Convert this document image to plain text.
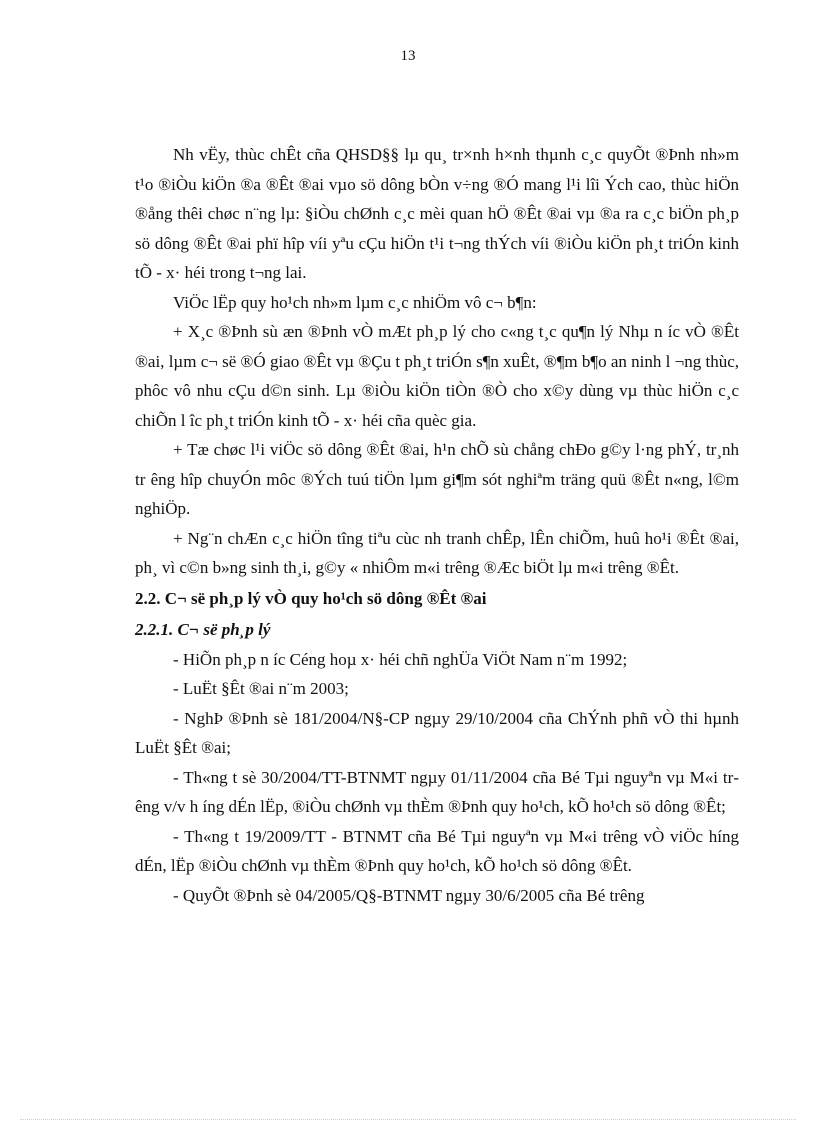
13

Nh vËy, thùc chÊt cña QHSD§§ lµ qu¸ tr×nh h×nh thµnh c¸c quyÕt ®Þnh nh»m t¹o ®iÒu kiÖn ®a ®Êt ®ai vµo sö dông bÒn v÷ng ®Ó mang l¹i lîi Ých cao, thùc hiÖn ®ång thêi chøc n¨ng lµ: §iÒu chØnh c¸c mèi quan hÖ ®Êt ®ai vµ ®a ra c¸c biÖn ph¸p sö dông ®Êt ®ai phï hîp víi yªu cÇu hiÖn t¹i t¬ng thÝch víi ®iÒu kiÖn ph¸t triÓn kinh tÕ - x· héi trong t¬ng lai.

ViÖc lËp quy ho¹ch nh»m lµm c¸c nhiÖm vô c¬ b¶n:

+ X¸c ®Þnh sù æn ®Þnh vÒ mÆt ph¸p lý cho c«ng t¸c qu¶n lý Nhµ n íc vÒ ®Êt ®ai, lµm c¬ së ®Ó giao ®Êt vµ ®Çu t ph¸t triÓn s¶n xuÊt, ®¶m b¶o an ninh l ¬ng thùc, phôc vô nhu cÇu d©n sinh. Lµ ®iÒu kiÖn tiÒn ®Ò cho x©y dùng vµ thùc hiÖn c¸c chiÕn l îc ph¸t triÓn kinh tÕ - x· héi cña quèc gia.

+ Tæ chøc l¹i viÖc sö dông ®Êt ®ai, h¹n chÕ sù chång chÐo g©y l·ng phÝ, tr¸nh tr êng hîp chuyÓn môc ®Ých tuú tiÖn lµm gi¶m sót nghiªm träng quü ®Êt n«ng, l©m nghiÖp.

+ Ng¨n chÆn c¸c hiÖn tîng tiªu cùc nh tranh chÊp, lÊn chiÕm, huû ho¹i ®Êt ®ai, ph¸ vì c©n b»ng sinh th¸i, g©y « nhiÔm m«i trêng ®Æc biÖt lµ m«i trêng ®Êt.

2.2. C¬ së ph¸p lý vÒ quy ho¹ch sö dông ®Êt ®ai
2.2.1. C¬ së ph¸p lý

- HiÕn ph¸p n íc Céng hoµ x· héi chñ nghÜa ViÖt Nam n¨m 1992;

- LuËt §Êt ®ai n¨m 2003;

- NghÞ ®Þnh sè 181/2004/N§-CP ngµy 29/10/2004 cña ChÝnh phñ vÒ thi hµnh LuËt §Êt ®ai;

- Th«ng t sè 30/2004/TT-BTNMT ngµy 01/11/2004 cña Bé Tµi nguyªn vµ M«i trêng v/v h íng dÉn lËp, ®iÒu chØnh vµ thÈm ®Þnh quy ho¹ch, kÕ ho¹ch sö dông ®Êt;

- Th«ng t 19/2009/TT - BTNMT cña Bé Tµi nguyªn vµ M«i trêng vÒ viÖc híng dÉn, lËp ®iÒu chØnh vµ thÈm ®Þnh quy ho¹ch, kÕ ho¹ch sö dông ®Êt.

- QuyÕt ®Þnh sè 04/2005/Q§-BTNMT ngµy 30/6/2005 cña Bé trêng
